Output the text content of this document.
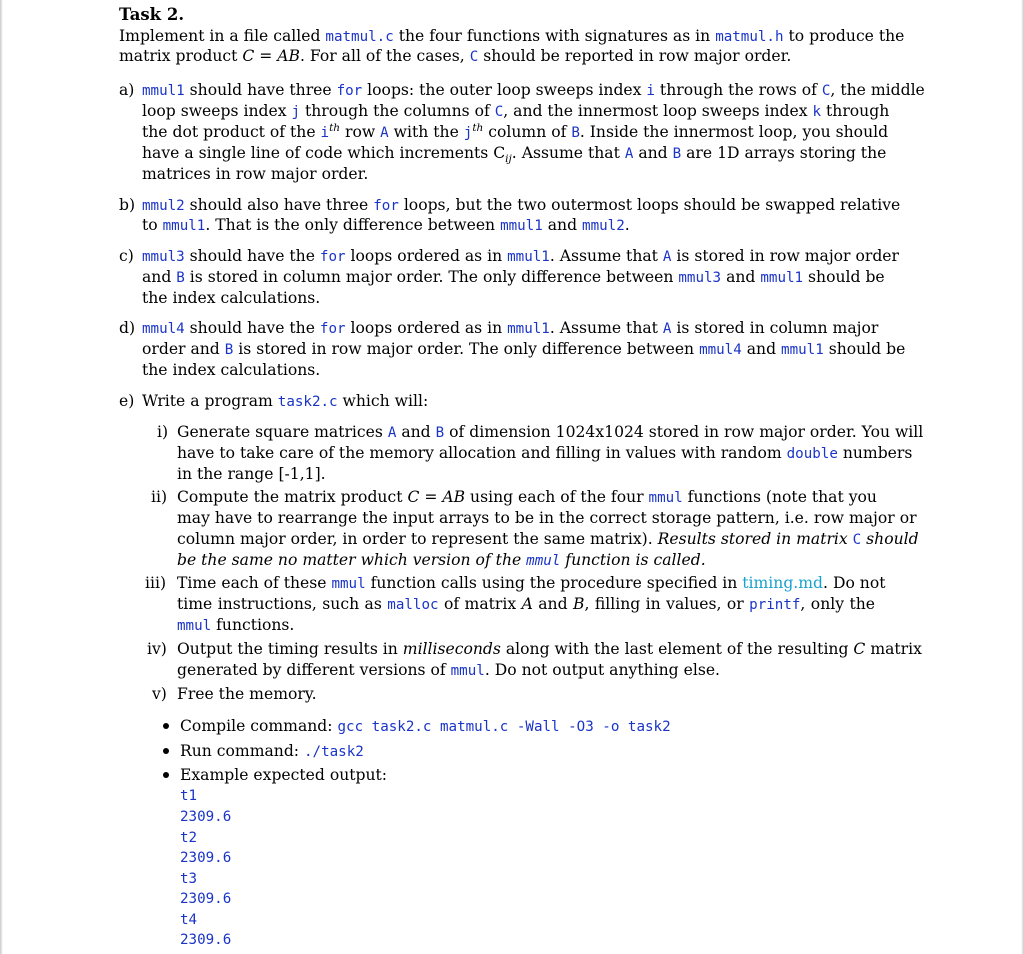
Task 2.
Implement in a file called matmul.c the four functions with signatures as in matmul.h to produce the
matrix product C = AB. For all of the cases, C should be reported in row major order.
a) mmul1 should have three for loops: the outer loop sweeps index i through the rows of C, the middle
loop sweeps index j through the columns of C, and the innermost loop sweeps index k through
the dot product of the $i^{th}$ row A with the $j^{th}$ column of B. Inside the innermost loop, you should
have a single line of code which increments $C_{ij}$. Assume that A and B are 1D arrays storing the
matrices in row major order.
b) mmul2 should also have three for loops, but the two outermost loops should be swapped relative
to mmul1. That is the only difference between mmul1 and mmul2.
c) mmul3 should have the for loops ordered as in mmul1. Assume that A is stored in row major order
and B is stored in column major order. The only difference between mmul3 and mmul1 should be
the index calculations.
d) mmul4 should have the for loops ordered as in mmul1. Assume that A is stored in column major
order and B is stored in row major order. The only difference between mmul4 and mmul1 should be
the index calculations.
e) Write a program task2.c which will:
i) Generate square matrices A and B of dimension 1024x1024 stored in row major order. You will
have to take care of the memory allocation and filling in values with random double numbers
in the range [-1,1].
ii) Compute the matrix product C = AB using each of the four mmul functions (note that you
may have to rearrange the input arrays to be in the correct storage pattern, i.e. row major or
column major order, in order to represent the same matrix). Results stored in matrix C should
be the same no matter which version of the mmul function is called.
iii) Time each of these mmul function calls using the procedure specified in timing.md. Do not
time instructions, such as malloc of matrix A and B, filling in values, or printf, only the
mmul functions.
iv) Output the timing results in milliseconds along with the last element of the resulting C matrix
generated by different versions of mmul. Do not output anything else.
v) Free the memory.
Compile command: gcc task2.c matmul.c -Wall -O3 -o task2
Run command: ./task2
Example expected output:
t1
2309.6
t2
2309.6
t3
2309.6
t4
2309.6
